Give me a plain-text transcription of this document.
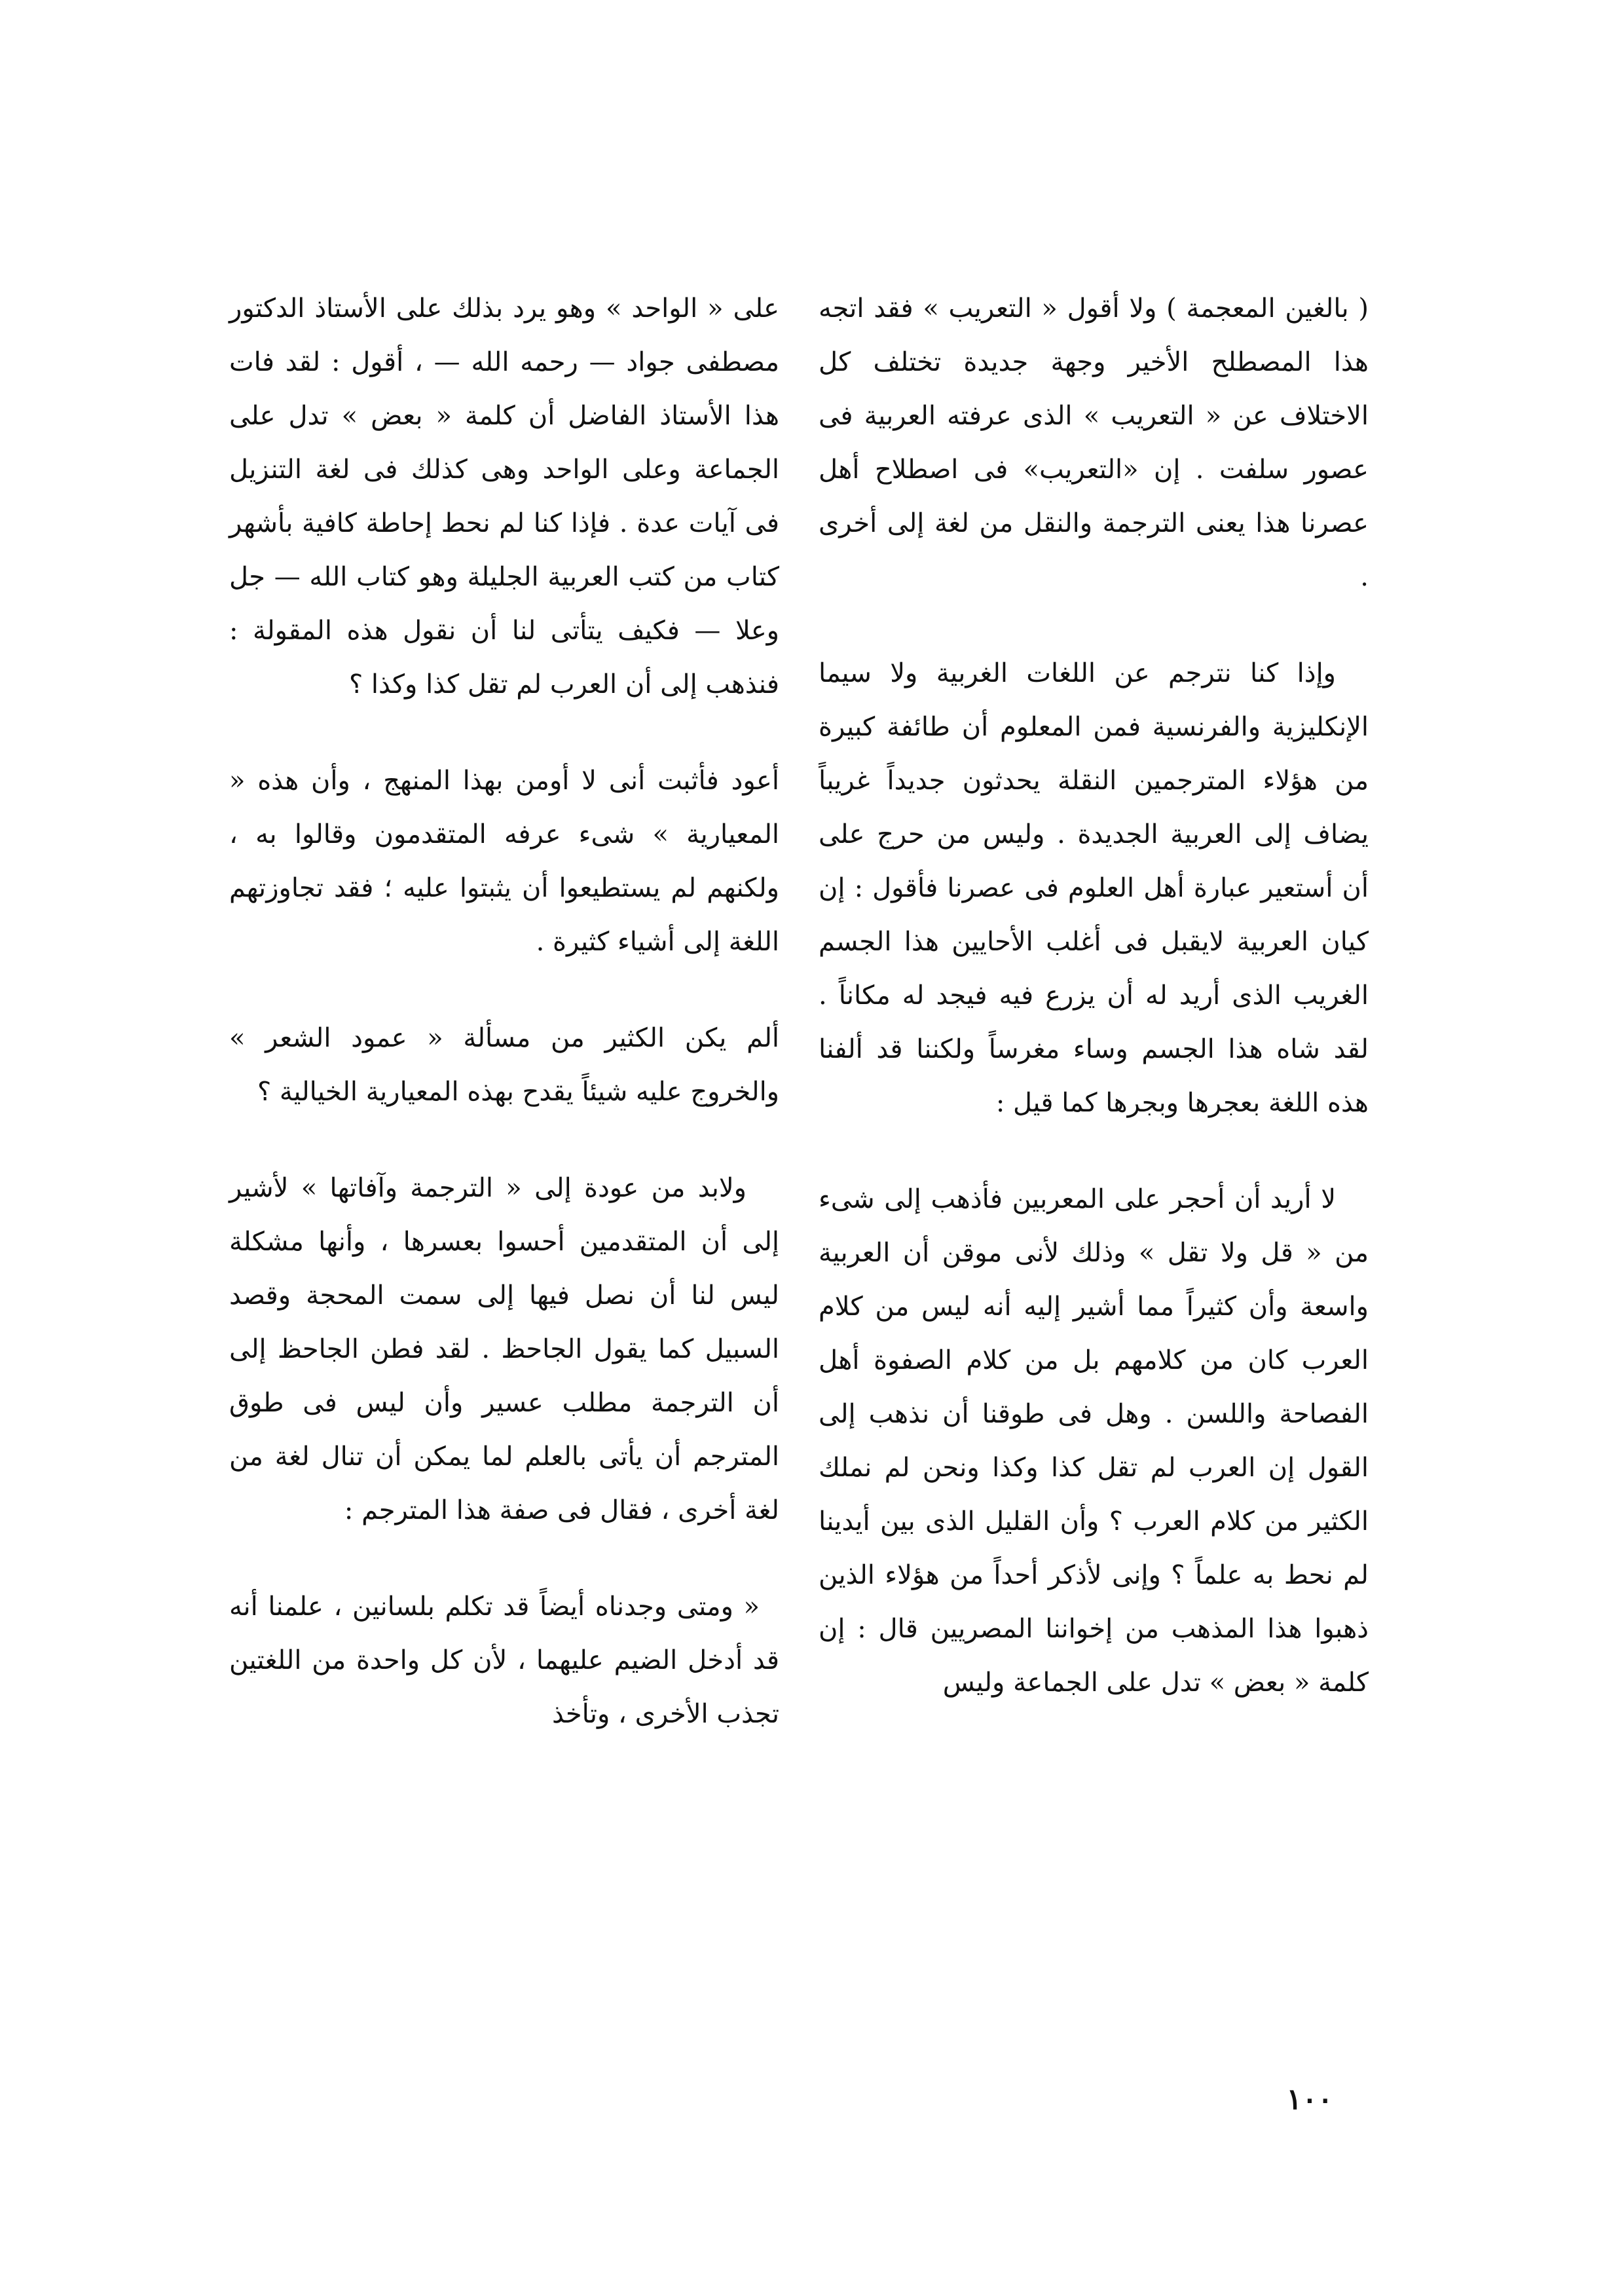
( بالغين المعجمة ) ولا أقول « التعريب » فقد اتجه هذا المصطلح الأخير وجهة جديدة تختلف كل الاختلاف عن « التعريب » الذى عرفته العربية فى عصور سلفت . إن «التعريب» فى اصطلاح أهل عصرنا هذا يعنى الترجمة والنقل من لغة إلى أخرى .

وإذا كنا نترجم عن اللغات الغربية ولا سيما الإنكليزية والفرنسية فمن المعلوم أن طائفة كبيرة من هؤلاء المترجمين النقلة يحدثون جديداً غريباً يضاف إلى العربية الجديدة . وليس من حرج على أن أستعير عبارة أهل العلوم فى عصرنا فأقول : إن كيان العربية لايقبل فى أغلب الأحايين هذا الجسم الغريب الذى أريد له أن يزرع فيه فيجد له مكاناً . لقد شاه هذا الجسم وساء مغرساً ولكننا قد ألفنا هذه اللغة بعجرها وبجرها كما قيل :

لا أريد أن أحجر على المعربين فأذهب إلى شىء من « قل ولا تقل » وذلك لأنى موقن أن العربية واسعة وأن كثيراً مما أشير إليه أنه ليس من كلام العرب كان من كلامهم بل من كلام الصفوة أهل الفصاحة واللسن . وهل فى طوقنا أن نذهب إلى القول إن العرب لم تقل كذا وكذا ونحن لم نملك الكثير من كلام العرب ؟ وأن القليل الذى بين أيدينا لم نحط به علماً ؟ وإنى لأذكر أحداً من هؤلاء الذين ذهبوا هذا المذهب من إخواننا المصريين قال : إن كلمة « بعض » تدل على الجماعة وليس

على « الواحد » وهو يرد بذلك على الأستاذ الدكتور مصطفى جواد — رحمه الله — ، أقول : لقد فات هذا الأستاذ الفاضل أن كلمة « بعض » تدل على الجماعة وعلى الواحد وهى كذلك فى لغة التنزيل فى آيات عدة . فإذا كنا لم نحط إحاطة كافية بأشهر كتاب من كتب العربية الجليلة وهو كتاب الله — جل وعلا — فكيف يتأتى لنا أن نقول هذه المقولة : فنذهب إلى أن العرب لم تقل كذا وكذا ؟

أعود فأثبت أنى لا أومن بهذا المنهج ، وأن هذه « المعيارية » شىء عرفه المتقدمون وقالوا به ، ولكنهم لم يستطيعوا أن يثبتوا عليه ؛ فقد تجاوزتهم اللغة إلى أشياء كثيرة .

ألم يكن الكثير من مسألة « عمود الشعر » والخروج عليه شيئاً يقدح بهذه المعيارية الخيالية ؟

ولابد من عودة إلى « الترجمة وآفاتها » لأشير إلى أن المتقدمين أحسوا بعسرها ، وأنها مشكلة ليس لنا أن نصل فيها إلى سمت المحجة وقصد السبيل كما يقول الجاحظ . لقد فطن الجاحظ إلى أن الترجمة مطلب عسير وأن ليس فى طوق المترجم أن يأتى بالعلم لما يمكن أن تنال لغة من لغة أخرى ، فقال فى صفة هذا المترجم :

« ومتى وجدناه أيضاً قد تكلم بلسانين ، علمنا أنه قد أدخل الضيم عليهما ، لأن كل واحدة من اللغتين تجذب الأخرى ، وتأخذ

١٠٠
